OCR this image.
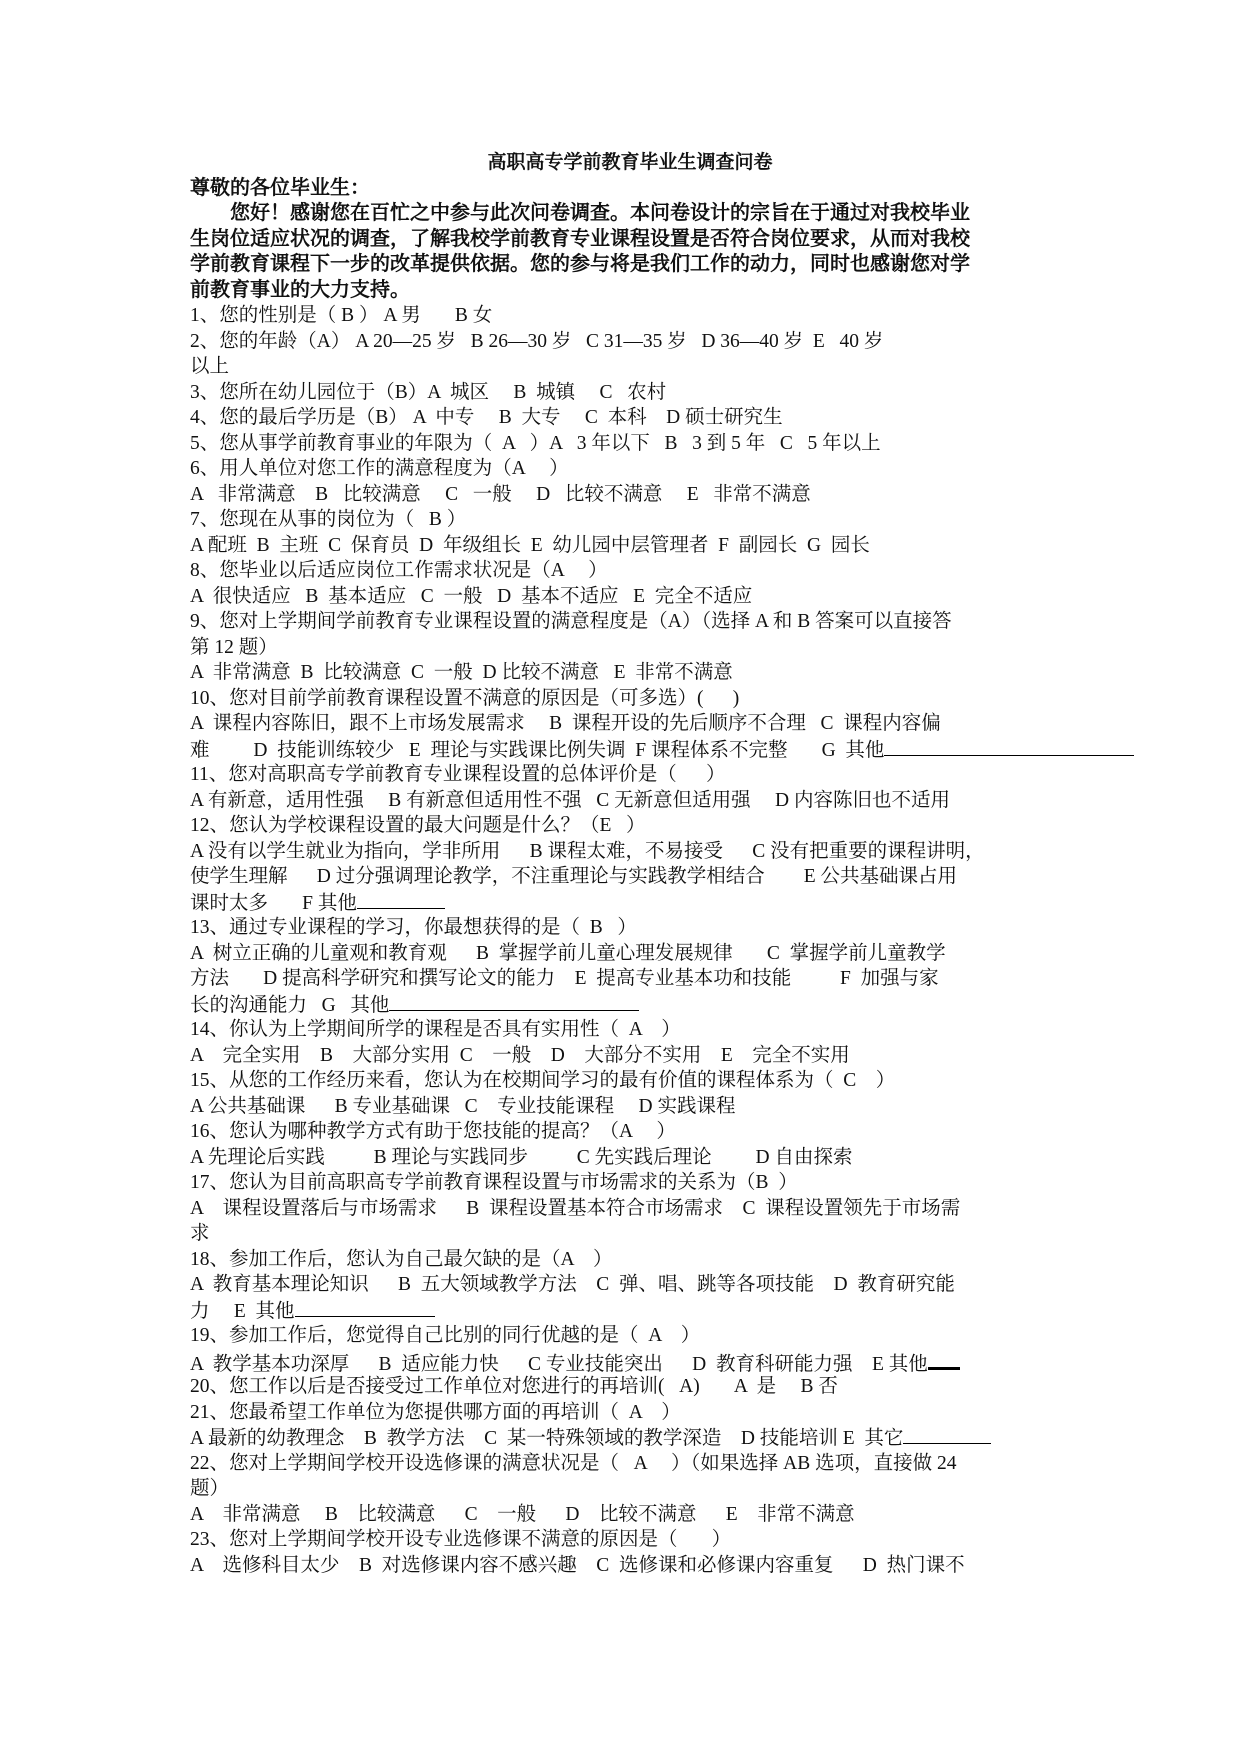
高职高专学前教育毕业生调查问卷
尊敬的各位毕业生：
您好！感谢您在百忙之中参与此次问卷调查。本问卷设计的宗旨在于通过对我校毕业
生岗位适应状况的调查，了解我校学前教育专业课程设置是否符合岗位要求，从而对我校
学前教育课程下一步的改革提供依据。您的参与将是我们工作的动力，同时也感谢您对学
前教育事业的大力支持。
1、您的性别是（ B ） A 男       B 女
2、您的年龄（A） A 20—25 岁   B 26—30 岁   C 31—35 岁   D 36—40 岁  E   40 岁
以上
3、您所在幼儿园位于（B）A  城区     B  城镇     C   农村
4、您的最后学历是（B） A  中专     B  大专     C  本科    D 硕士研究生
5、您从事学前教育事业的年限为（  A   ）A   3 年以下   B   3 到 5 年   C   5 年以上
6、用人单位对您工作的满意程度为（A     ）
A   非常满意    B   比较满意     C   一般     D   比较不满意     E   非常不满意
7、您现在从事的岗位为（   B ）
A 配班  B  主班  C  保育员  D  年级组长  E  幼儿园中层管理者  F  副园长  G  园长
8、您毕业以后适应岗位工作需求状况是（A     ）
A  很快适应   B  基本适应   C  一般   D  基本不适应   E  完全不适应
9、您对上学期间学前教育专业课程设置的满意程度是（A）（选择 A 和 B 答案可以直接答
第 12 题）
A  非常满意  B  比较满意  C  一般  D 比较不满意   E  非常不满意
10、您对目前学前教育课程设置不满意的原因是（可多选）(      )
A  课程内容陈旧，跟不上市场发展需求     B  课程开设的先后顺序不合理   C  课程内容偏
难         D  技能训练较少   E  理论与实践课比例失调  F 课程体系不完整       G  其他
11、您对高职高专学前教育专业课程设置的总体评价是（      ）
A 有新意，适用性强     B 有新意但适用性不强   C 无新意但适用强     D 内容陈旧也不适用
12、您认为学校课程设置的最大问题是什么？（E   ）
A 没有以学生就业为指向，学非所用      B 课程太难，不易接受      C 没有把重要的课程讲明，
使学生理解      D 过分强调理论教学，不注重理论与实践教学相结合        E 公共基础课占用
课时太多       F 其他
13、通过专业课程的学习，你最想获得的是（  B   ）
A  树立正确的儿童观和教育观      B  掌握学前儿童心理发展规律       C  掌握学前儿童教学
方法       D 提高科学研究和撰写论文的能力    E  提高专业基本功和技能          F  加强与家
长的沟通能力   G   其他
14、你认为上学期间所学的课程是否具有实用性（  A    ）
A    完全实用    B    大部分实用  C    一般    D    大部分不实用    E    完全不实用
15、从您的工作经历来看，您认为在校期间学习的最有价值的课程体系为（  C    ）
A 公共基础课      B 专业基础课   C    专业技能课程     D 实践课程
16、您认为哪种教学方式有助于您技能的提高？（A     ）
A 先理论后实践          B 理论与实践同步          C 先实践后理论         D 自由探索
17、您认为目前高职高专学前教育课程设置与市场需求的关系为（B  ）
A    课程设置落后与市场需求      B  课程设置基本符合市场需求    C  课程设置领先于市场需
求
18、参加工作后，您认为自己最欠缺的是（A    ）
A  教育基本理论知识      B  五大领域教学方法    C  弹、唱、跳等各项技能    D  教育研究能
力     E  其他
19、参加工作后，您觉得自己比别的同行优越的是（  A    ）
A  教学基本功深厚      B  适应能力快      C 专业技能突出      D  教育科研能力强    E 其他
20、您工作以后是否接受过工作单位对您进行的再培训(   A)       A  是     B 否
21、您最希望工作单位为您提供哪方面的再培训（  A    ）
A 最新的幼教理念    B  教学方法    C  某一特殊领域的教学深造    D 技能培训 E  其它
22、您对上学期间学校开设选修课的满意状况是（   A     ）（如果选择 AB 选项，直接做 24
题）
A    非常满意     B    比较满意      C    一般      D    比较不满意      E    非常不满意
23、您对上学期间学校开设专业选修课不满意的原因是（       ）
A    选修科目太少    B  对选修课内容不感兴趣    C  选修课和必修课内容重复      D  热门课不
